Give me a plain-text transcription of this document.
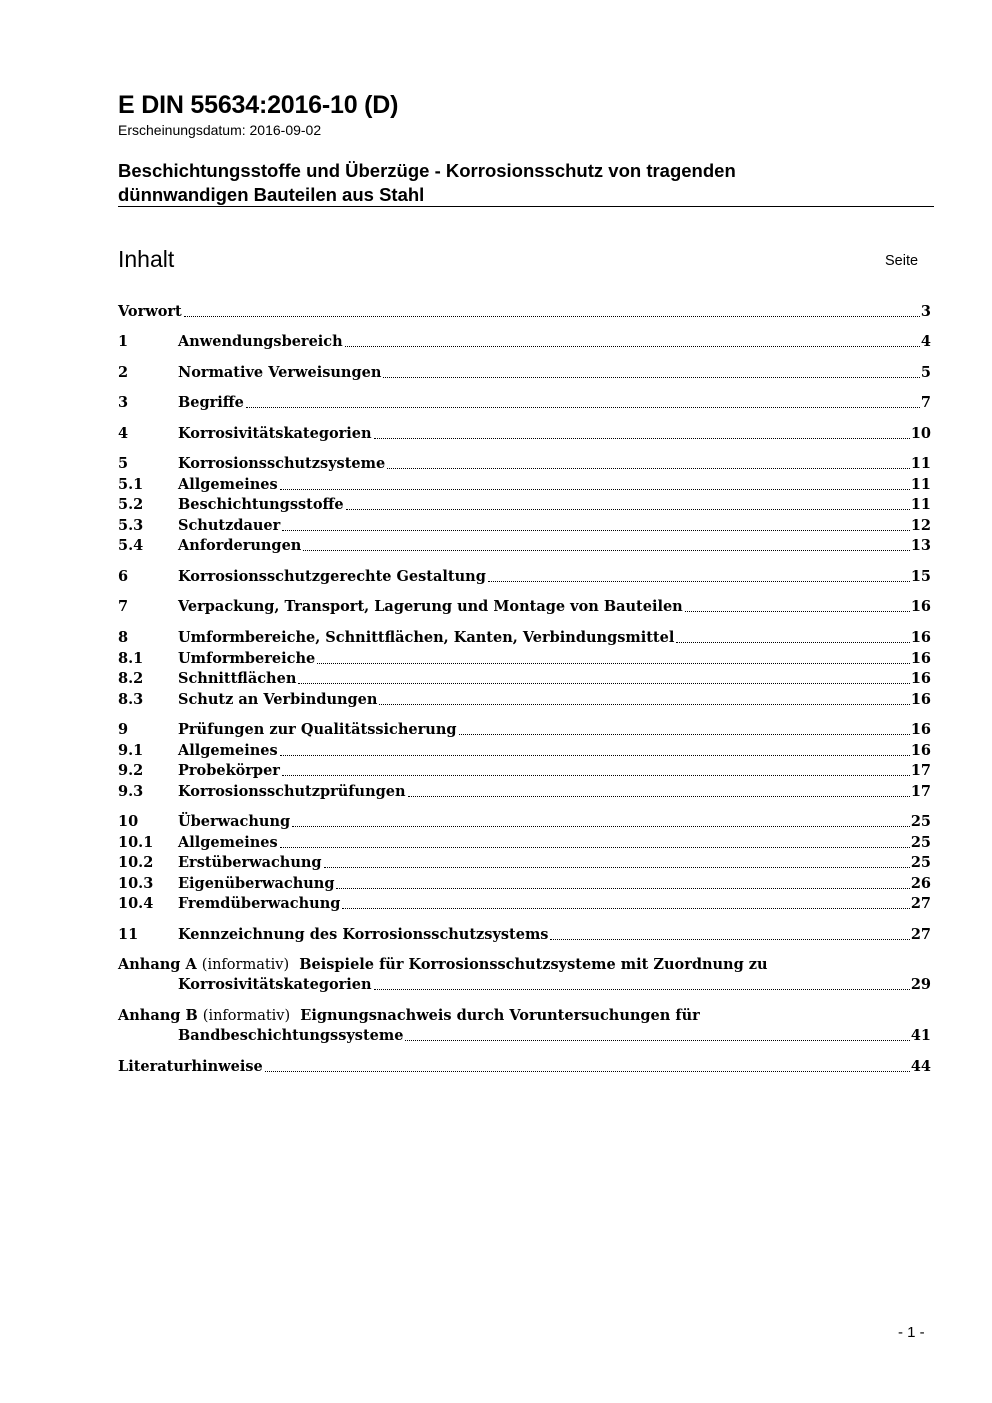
E DIN 55634:2016-10 (D)
Erscheinungsdatum: 2016-09-02
Beschichtungsstoffe und Überzüge - Korrosionsschutz von tragenden
dünnwandigen Bauteilen aus Stahl
Inhalt	Seite
Vorwort	3
1	Anwendungsbereich	4
2	Normative Verweisungen	5
3	Begriffe	7
4	Korrosivitätskategorien	10
5	Korrosionsschutzsysteme	11
5.1 Allgemeines	11
5.2 Beschichtungsstoffe	11
5.3 Schutzdauer	12
5.4 Anforderungen	13
6	Korrosionsschutzgerechte Gestaltung	15
7	Verpackung, Transport, Lagerung und Montage von Bauteilen	16
8	Umformbereiche, Schnittflächen, Kanten, Verbindungsmittel	16
8.1 Umformbereiche	16
8.2 Schnittflächen	16
8.3 Schutz an Verbindungen	16
9	Prüfungen zur Qualitätssicherung	16
9.1 Allgemeines	16
9.2 Probekörper	17
9.3 Korrosionsschutzprüfungen	17
10	Überwachung	25
10.1 Allgemeines	25
10.2 Erstüberwachung	25
10.3 Eigenüberwachung	26
10.4 Fremdüberwachung	27
11	Kennzeichnung des Korrosionsschutzsystems	27
Anhang A (informativ) Beispiele für Korrosionsschutzsysteme mit Zuordnung zu
Korrosivitätskategorien	29
Anhang B (informativ) Eignungsnachweis durch Voruntersuchungen für
Bandbeschichtungssysteme	41
Literaturhinweise	44
- 1 -
